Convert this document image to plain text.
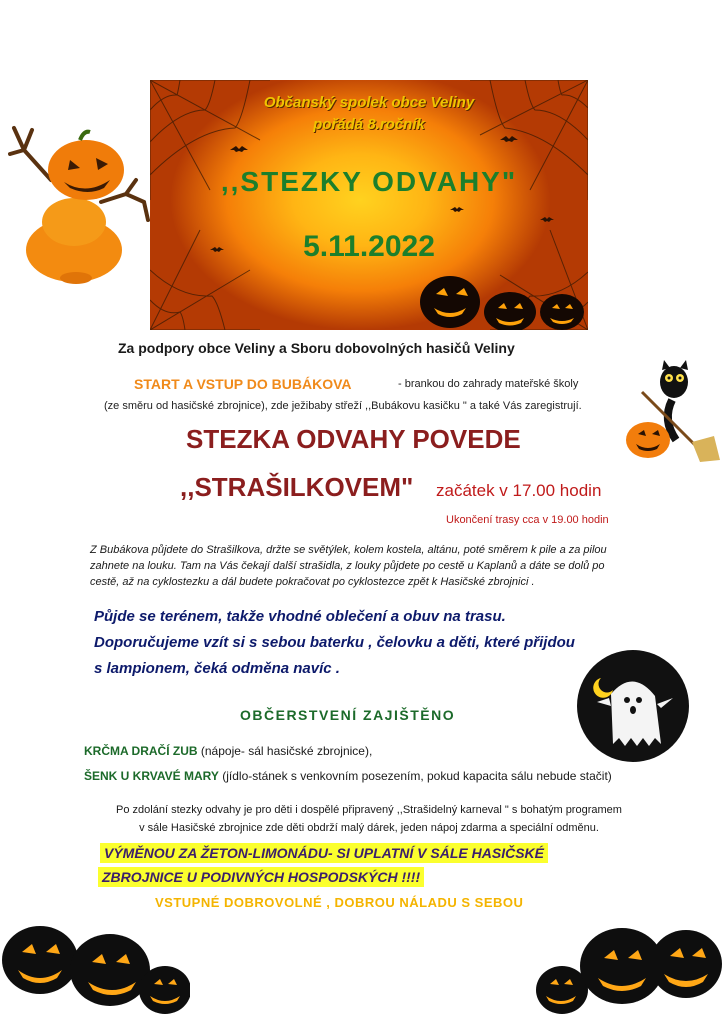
Občanský spolek obce Veliny
pořádá 8.ročník
,,STEZKY ODVAHY"
5.11.2022
Za podpory obce Veliny a Sboru dobovolných hasičů Veliny
START A VSTUP DO BUBÁKOVA	- brankou do zahrady mateřské školy
(ze směru od hasičské zbrojnice), zde ježibaby střeží ,,Bubákovu kasičku " a také Vás zaregistrují.
STEZKA ODVAHY POVEDE
,,STRAŠILKOVEM" začátek v 17.00 hodin
Ukončení trasy cca v 19.00 hodin
Z Bubákova půjdete do Strašilkova, držte se světýlek, kolem kostela, altánu, poté směrem k pile a za pilou zahnete na louku. Tam na Vás čekají další strašidla, z louky půjdete po cestě u Kaplanů a dáte se dolů po cestě, až na cyklostezku a dál budete pokračovat po cyklostezce zpět k Hasičské zbrojnici .
Půjde se terénem, takže vhodné oblečení a obuv na trasu.
Doporučujeme vzít si s sebou baterku , čelovku a děti, které přijdou
s lampionem, čeká odměna navíc .
OBČERSTVENÍ ZAJIŠTĚNO
KRČMA DRAČÍ ZUB (nápoje- sál hasičské zbrojnice),
ŠENK U KRVAVÉ MARY (jídlo-stánek s venkovním posezením, pokud kapacita sálu nebude stačit)
Po zdolání stezky odvahy je pro děti i dospělé připravený ,,Strašidelný karneval " s bohatým programem
v sále Hasičské zbrojnice zde děti obdrží malý dárek, jeden nápoj zdarma a speciální odměnu.
VÝMĚNOU ZA ŽETON-LIMONÁDU- SI UPLATNÍ V SÁLE HASIČSKÉ
ZBROJNICE U PODIVNÝCH HOSPODSKÝCH !!!!
VSTUPNÉ DOBROVOLNÉ , DOBROU NÁLADU S SEBOU
